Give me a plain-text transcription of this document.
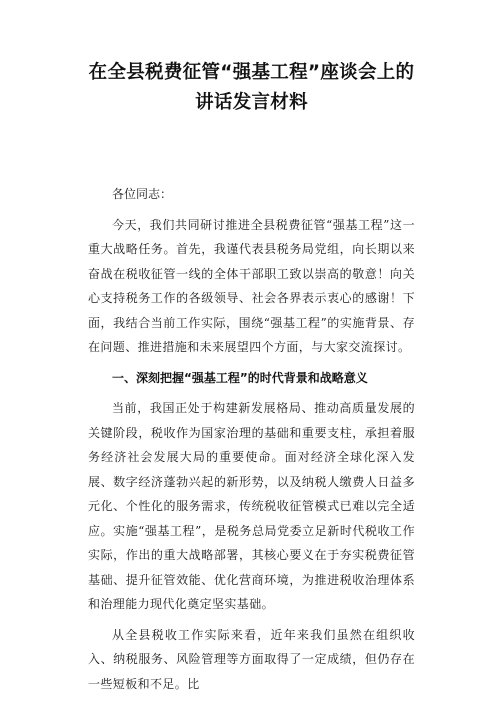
在全县税费征管“强基工程”座谈会上的讲话发言材料

各位同志：

今天，我们共同研讨推进全县税费征管“强基工程”这一重大战略任务。首先，我谨代表县税务局党组，向长期以来奋战在税收征管一线的全体干部职工致以崇高的敬意！向关心支持税务工作的各级领导、社会各界表示衷心的感谢！下面，我结合当前工作实际，围绕“强基工程”的实施背景、存在问题、推进措施和未来展望四个方面，与大家交流探讨。

一、深刻把握“强基工程”的时代背景和战略意义

当前，我国正处于构建新发展格局、推动高质量发展的关键阶段，税收作为国家治理的基础和重要支柱，承担着服务经济社会发展大局的重要使命。面对经济全球化深入发展、数字经济蓬勃兴起的新形势，以及纳税人缴费人日益多元化、个性化的服务需求，传统税收征管模式已难以完全适应。实施“强基工程”，是税务总局党委立足新时代税收工作实际，作出的重大战略部署，其核心要义在于夯实税费征管基础、提升征管效能、优化营商环境，为推进税收治理体系和治理能力现代化奠定坚实基础。

从全县税收工作实际来看，近年来我们虽然在组织收入、纳税服务、风险管理等方面取得了一定成绩，但仍存在一些短板和不足。比
